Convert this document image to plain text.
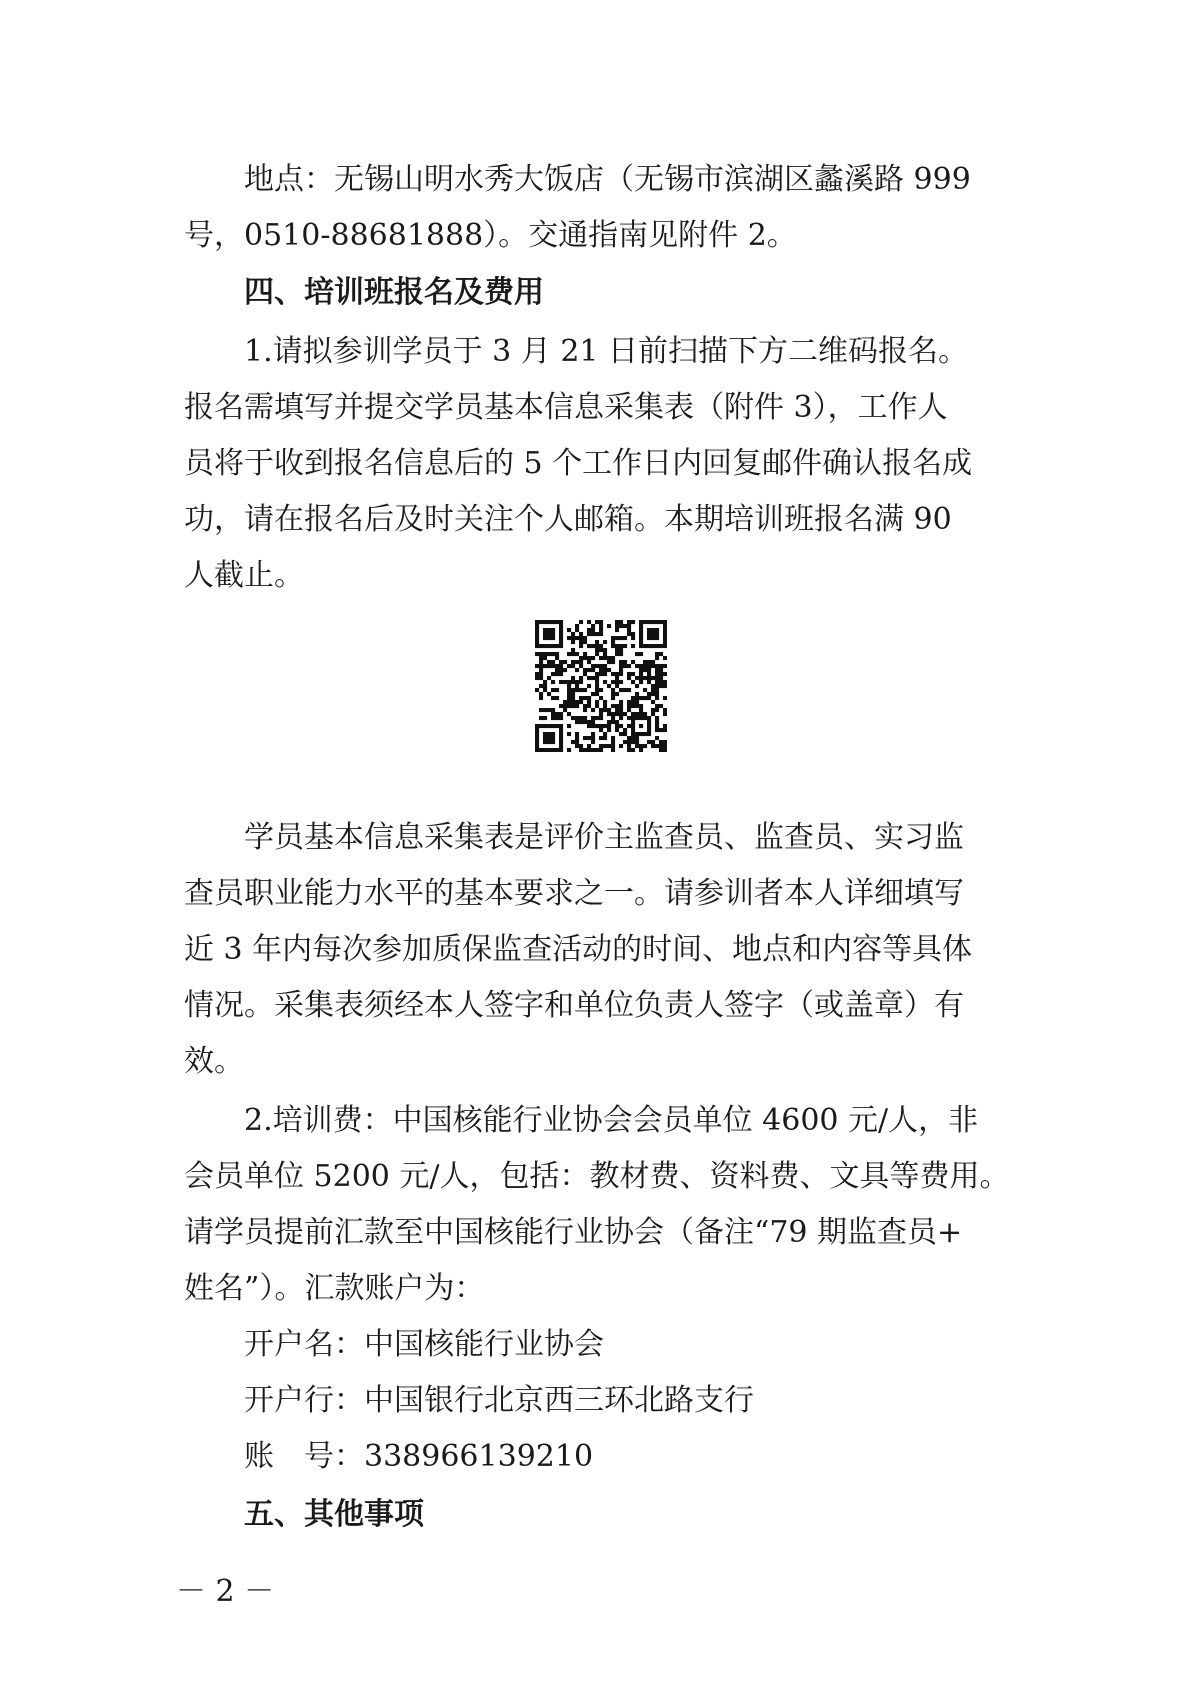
地点：无锡山明水秀大饭店（无锡市滨湖区蠡溪路 999
号，0510-88681888）。交通指南见附件 2。
四、培训班报名及费用
1.请拟参训学员于 3 月 21 日前扫描下方二维码报名。
报名需填写并提交学员基本信息采集表（附件 3），工作人
员将于收到报名信息后的 5 个工作日内回复邮件确认报名成
功，请在报名后及时关注个人邮箱。本期培训班报名满 90
人截止。
学员基本信息采集表是评价主监查员、监查员、实习监
查员职业能力水平的基本要求之一。请参训者本人详细填写
近 3 年内每次参加质保监查活动的时间、地点和内容等具体
情况。采集表须经本人签字和单位负责人签字（或盖章）有
效。
2.培训费：中国核能行业协会会员单位 4600 元/人，非
会员单位 5200 元/人，包括：教材费、资料费、文具等费用。
请学员提前汇款至中国核能行业协会（备注“79 期监查员+
姓名”）。汇款账户为：
开户名：中国核能行业协会
开户行：中国银行北京西三环北路支行
账　号：338966139210
五、其他事项
－ 2 －
